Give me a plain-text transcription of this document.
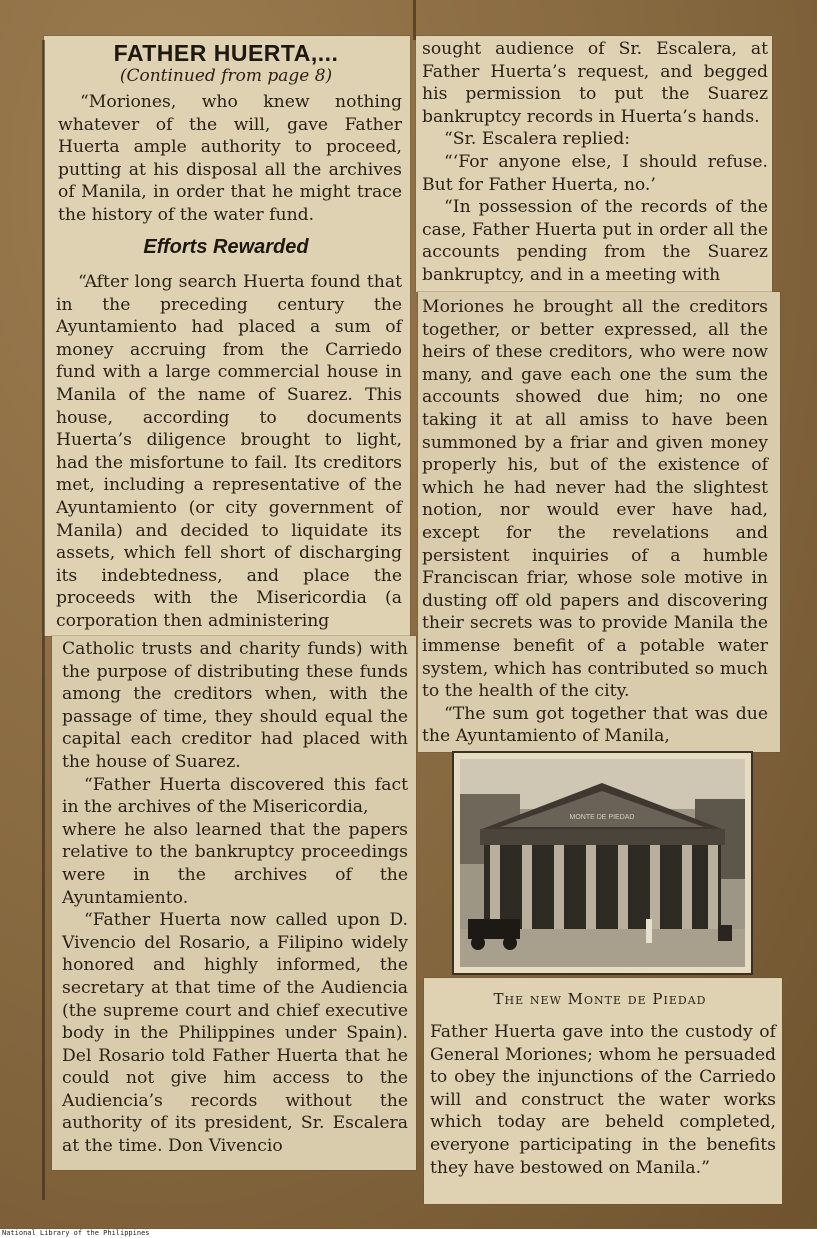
FATHER HUERTA,...
(Continued from page 8)

“Moriones, who knew nothing whatever of the will, gave Father Huerta ample authority to proceed, putting at his disposal all the archives of Manila, in order that he might trace the history of the water fund.

Efforts Rewarded

“After long search Huerta found that in the preceding century the Ayuntamiento had placed a sum of money accruing from the Carriedo fund with a large commercial house in Manila of the name of Suarez. This house, according to documents Huerta’s diligence brought to light, had the misfortune to fail. Its creditors met, including a representative of the Ayuntamiento (or city government of Manila) and decided to liquidate its assets, which fell short of discharging its indebtedness, and place the proceeds with the Misericordia (a corporation then administering

Catholic trusts and charity funds) with the purpose of distributing these funds among the creditors when, with the passage of time, they should equal the capital each creditor had placed with the house of Suarez.

“Father Huerta discovered this fact in the archives of the Misericordia,

where he also learned that the papers relative to the bankruptcy proceedings were in the archives of the Ayuntamiento.

“Father Huerta now called upon D. Vivencio del Rosario, a Filipino widely honored and highly informed, the secretary at that time of the Audiencia (the supreme court and chief executive body in the Philippines under Spain). Del Rosario told Father Huerta that he could not give him access to the Audiencia’s records without the authority of its president, Sr. Escalera at the time. Don Vivencio

sought audience of Sr. Escalera, at Father Huerta’s request, and begged his permission to put the Suarez bankruptcy records in Huerta’s hands.

“Sr. Escalera replied:

“‘For anyone else, I should refuse. But for Father Huerta, no.’

“In possession of the records of the case, Father Huerta put in order all the accounts pending from the Suarez bankruptcy, and in a meeting with

Moriones he brought all the creditors together, or better expressed, all the heirs of these creditors, who were now many, and gave each one the sum the accounts showed due him; no one taking it at all amiss to have been summoned by a friar and given money properly his, but of the existence of which he had never had the slightest notion, nor would ever have had, except for the revelations and persistent inquiries of a humble Franciscan friar, whose sole motive in dusting off old papers and discovering their secrets was to provide Manila the immense benefit of a potable water system, which has contributed so much to the health of the city.

“The sum got together that was due the Ayuntamiento of Manila,

MONTE DE PIEDAD
The new Monte de Piedad

Father Huerta gave into the custody of General Moriones; whom he persuaded to obey the injunctions of the Carriedo will and construct the water works which today are beheld completed, everyone participating in the benefits they have bestowed on Manila.”

National Library of the Philippines
